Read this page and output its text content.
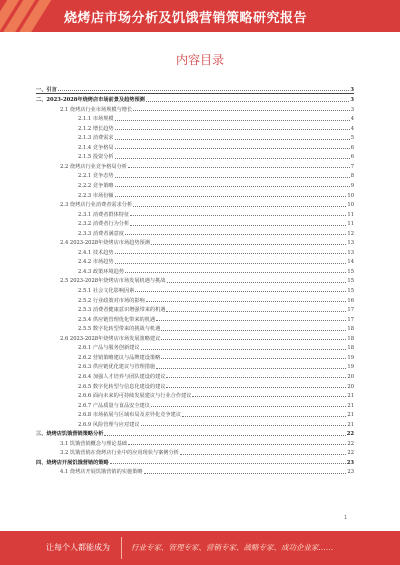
烧烤店市场分析及饥饿营销策略研究报告
内容目录
一、引言	3
二、2023-2028年烧烤店市场前景及趋势预测	3
2.1 烧烤店行业市场规模与增长	3
2.1.1 市场规模	4
2.1.2 增长趋势	4
2.1.3 消费需求	5
2.1.4 竞争格局	6
2.1.5 投资分析	6
2.2 烧烤店行业竞争格局分析	7
2.2.1 竞争态势	8
2.2.2 竞争策略	9
2.2.3 市场份额	10
2.3 烧烤店行业消费者需求分析	10
2.3.1 消费者群体特征	11
2.3.2 消费者行为分析	11
2.3.3 消费者满意度	12
2.4 2023-2028年烧烤店市场趋势预测	13
2.4.1 技术趋势	13
2.4.2 市场趋势	14
2.4.3 政策环境趋势	15
2.5 2023-2028年烧烤店市场发展机遇与挑战	15
2.5.1 社会文化影响因素	15
2.5.2 行业政策对市场的影响	16
2.5.3 消费者健康意识增强带来的机遇	17
2.5.4 供应链管理优化带来的机遇	17
2.5.5 数字化转型带来的挑战与机遇	18
2.6 2023-2028年烧烤店市场发展策略建议	18
2.6.1 产品与服务创新建议	18
2.6.2 营销策略建议与品牌建设策略	19
2.6.3 供应链优化建议与管理措施	19
2.6.4 加强人才培养与团队建设的建议	20
2.6.5 数字化转型与信息化建设的建议	20
2.6.6 面向未来的可持续发展建议与行业合作建议	21
2.6.7 产品质量与食品安全建议	21
2.6.8 市场拓展与区域布局及差异化竞争建议	21
2.6.9 风险管理与应对建议	21
三、烧烤店饥饿营销策略分析	22
3.1 饥饿营销概念与理论基础	22
3.2 饥饿营销在烧烤店行业中的应用现状与案例分析	22
四、烧烤店开展饥饿营销的策略	23
4.1 烧烤店开展饥饿营销的实施策略	23
1
让每个人都能成为	行业专家、管理专家、营销专家、战略专家、成功企业家……
